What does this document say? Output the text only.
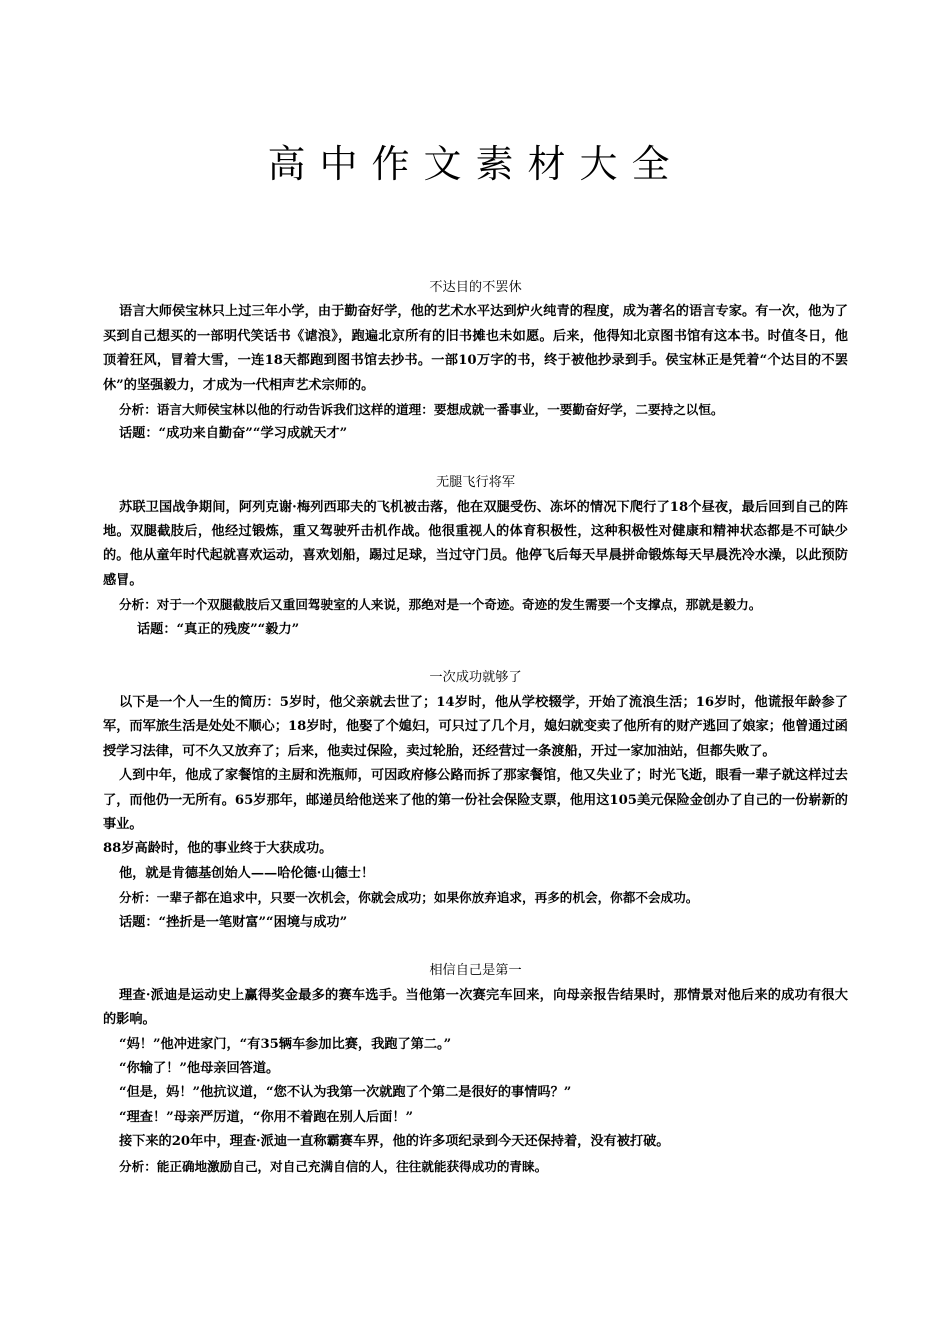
高中作文素材大全
不达目的不罢休

语言大师侯宝林只上过三年小学，由于勤奋好学，他的艺术水平达到炉火纯青的程度，成为著名的语言专家。有一次，他为了买到自己想买的一部明代笑话书《谑浪》，跑遍北京所有的旧书摊也未如愿。后来，他得知北京图书馆有这本书。时值冬日，他顶着狂风，冒着大雪，一连18天都跑到图书馆去抄书。一部10万字的书，终于被他抄录到手。侯宝林正是凭着“个达目的不罢休”的坚强毅力，才成为一代相声艺术宗师的。

分析：语言大师侯宝林以他的行动告诉我们这样的道理：要想成就一番事业，一要勤奋好学，二要持之以恒。

话题：“成功来自勤奋”“学习成就天才”

无腿飞行将军

苏联卫国战争期间，阿列克谢·梅列西耶夫的飞机被击落，他在双腿受伤、冻坏的情况下爬行了18个昼夜，最后回到自己的阵地。双腿截肢后，他经过锻炼，重又驾驶歼击机作战。他很重视人的体育积极性，这种积极性对健康和精神状态都是不可缺少的。他从童年时代起就喜欢运动，喜欢划船，踢过足球，当过守门员。他停飞后每天早晨拼命锻炼每天早晨洗冷水澡，以此预防感冒。

分析：对于一个双腿截肢后又重回驾驶室的人来说，那绝对是一个奇迹。奇迹的发生需要一个支撑点，那就是毅力。

话题：“真正的残废”“毅力”

一次成功就够了

以下是一个人一生的简历：5岁时，他父亲就去世了；14岁时，他从学校辍学，开始了流浪生活；16岁时，他谎报年龄参了军，而军旅生活是处处不顺心；18岁时，他娶了个媳妇，可只过了几个月，媳妇就变卖了他所有的财产逃回了娘家；他曾通过函授学习法律，可不久又放弃了；后来，他卖过保险，卖过轮胎，还经营过一条渡船，开过一家加油站，但都失败了。

人到中年，他成了家餐馆的主厨和洗瓶师，可因政府修公路而拆了那家餐馆，他又失业了；时光飞逝，眼看一辈子就这样过去了，而他仍一无所有。65岁那年，邮递员给他送来了他的第一份社会保险支票，他用这105美元保险金创办了自己的一份崭新的事业。

88岁高龄时，他的事业终于大获成功。

他，就是肯德基创始人——哈伦德·山德士！

分析：一辈子都在追求中，只要一次机会，你就会成功；如果你放弃追求，再多的机会，你都不会成功。

话题：“挫折是一笔财富”“困境与成功”

相信自己是第一

理查·派迪是运动史上赢得奖金最多的赛车选手。当他第一次赛完车回来，向母亲报告结果时，那情景对他后来的成功有很大的影响。

“妈！”他冲进家门，“有35辆车参加比赛，我跑了第二。”

“你输了！”他母亲回答道。

“但是，妈！”他抗议道，“您不认为我第一次就跑了个第二是很好的事情吗？”

“理查！”母亲严厉道，“你用不着跑在别人后面！”

接下来的20年中，理查·派迪一直称霸赛车界，他的许多项纪录到今天还保持着，没有被打破。

分析：能正确地激励自己，对自己充满自信的人，往往就能获得成功的青睐。
